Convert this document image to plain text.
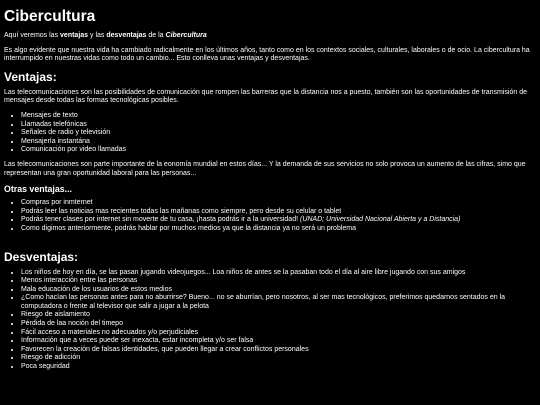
Cibercultura

Aquí veremos las ventajas y las desventajas de la Cibercultura

Es algo evidente que nuestra vida ha cambiado radicalmente en los últimos años, tanto como en los contextos sociales, culturales, laborales o de ocio. La cibercultura ha interrumpido en nuestras vidas como todo un cambio... Esto conlleva unas ventajas y desventajas.

Ventajas:

Las telecomunicaciones son las posibilidades de comunicación que rompen las barreras que la distancia nos a puesto, también son las oportunidades de transmisión de mensajes desde todas las formas tecnológicas posibles.

• Mensajes de texto
• Llamadas telefónicas
• Señales de radio y televisión
• Mensajería instantána
• Comunicación por video llamadas

Las telecomunicaciones son parte importante de la eonomía mundial en estos días... Y la demanda de sus servicios no solo provoca un aumento de las cifras, simo que representan una gran oportunidad laboral para las personas...

Otras ventajas...
• Compras por inmternet
• Podrás leer las noticias mas recientes todas las mañanas como siempre, pero desde su celular o tablet
• Podrás tener clases por internet sin moverte de tu casa, ¡hasta podrás ir a la universidad! (UNAD; Universidad Nacional Abierta y a Distancia)
• Como digimos anteriormente, podrás hablar por muchos medios ya que la distancia ya no será un problema
Desventajas:
• Los niños de hoy en día, se las pasan jugando videojuegos... Loa niños de antes se la pasaban todo el día al aire libre jugando con sus amigos
• Menos interacción entre las personas
• Mala educación de los usuarios de estos medios
• ¿Como hacían las personas antes para no aburrirse? Bueno... no se aburrían, pero nosotros, al ser mas tecnológicos, preferimos quedarnos sentados en la computadora o frente al televisor que salir a jugar a la pelota
• Riesgo de aislamiento
• Pérdida de laa noción del timepo
• Fácil acceso a materiales no adecuados y/o perjudiciales
• Información que a veces puede ser inexacta, estar incompleta y/o ser falsa
• Favorecen la creación de falsas identidades, que pueden llegar a crear conflictos personales
• Riesgo de adicción
• Poca seguridad
